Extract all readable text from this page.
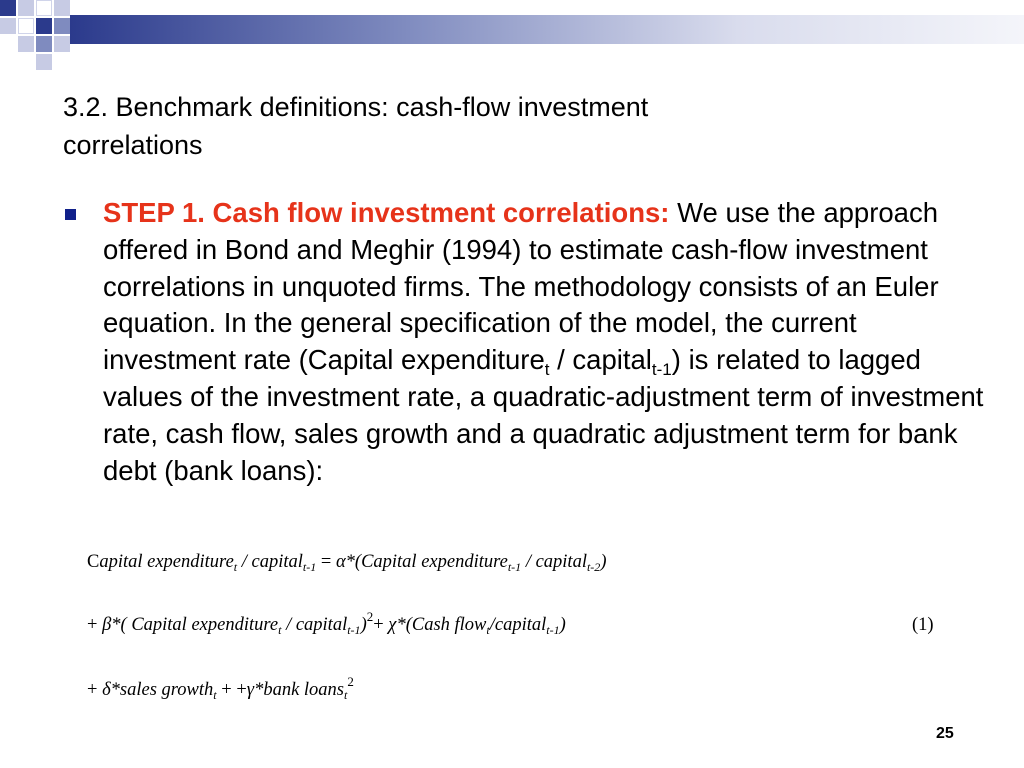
3.2. Benchmark definitions: cash-flow investment
correlations
STEP 1. Cash flow investment correlations: We use the approach offered in Bond and Meghir (1994) to estimate cash-flow investment correlations in unquoted firms. The methodology consists of an Euler equation. In the general specification of the model, the current investment rate (Capital expenditure$_t$ / capital$_{t-1}$) is related to lagged values of the investment rate, a quadratic-adjustment term of investment rate, cash flow, sales growth and a quadratic adjustment term for bank debt (bank loans):
Capital expenditure$_t$ / capital$_{t-1}$ = α*(Capital expenditure$_{t-1}$ / capital$_{t-2}$)
+ β*( Capital expenditure$_t$ / capital$_{t-1}$)$^2$+ χ*(Cash flow$_t$/capital$_{t-1}$)	(1)
+ δ*sales growth$_t$ + +γ*bank loans$_t^2$
25
